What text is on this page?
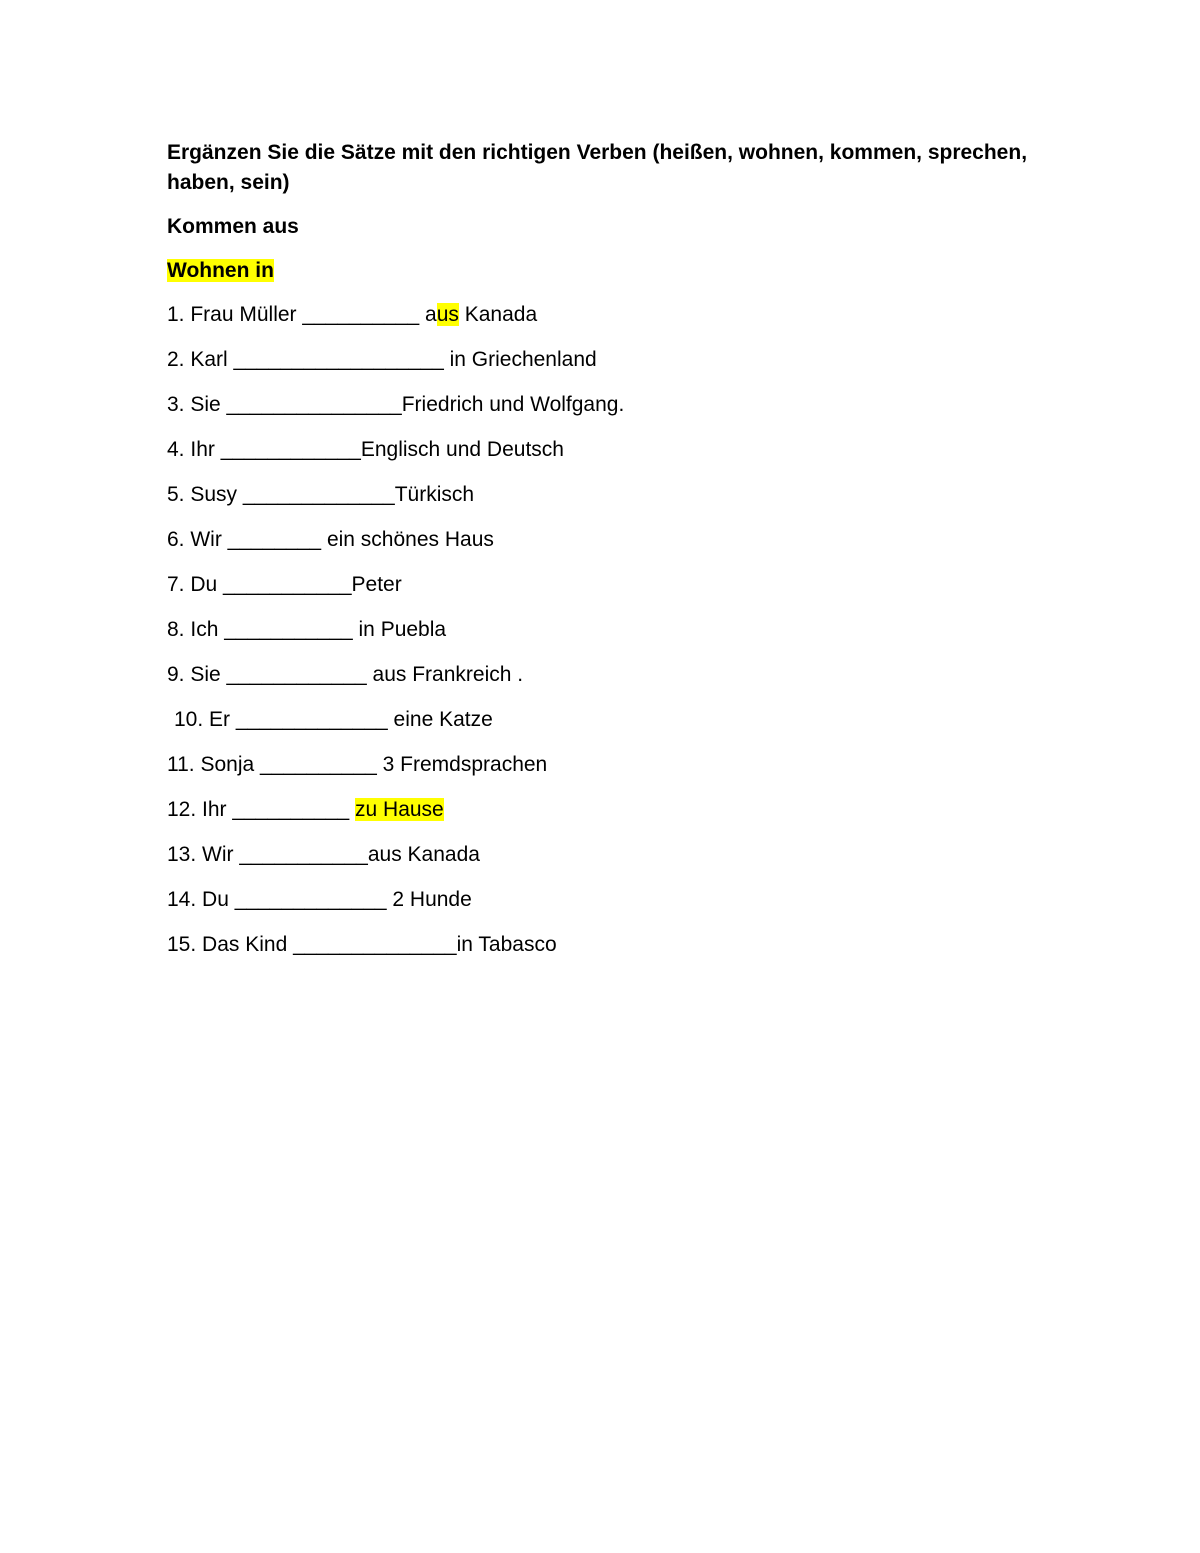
Ergänzen Sie die Sätze mit den richtigen Verben (heißen, wohnen, kommen, sprechen, haben, sein)
Kommen aus
Wohnen in
1. Frau Müller __________ aus Kanada
2. Karl __________________ in Griechenland
3. Sie _______________Friedrich und Wolfgang.
4. Ihr ____________Englisch und Deutsch
5. Susy _____________Türkisch
6. Wir ________ ein schönes Haus
7. Du ___________Peter
8. Ich ___________ in Puebla
9. Sie ____________ aus Frankreich .
10. Er _____________ eine Katze
11. Sonja __________ 3 Fremdsprachen
12. Ihr __________ zu Hause
13. Wir ___________aus Kanada
14. Du _____________ 2 Hunde
15. Das Kind ______________in Tabasco
